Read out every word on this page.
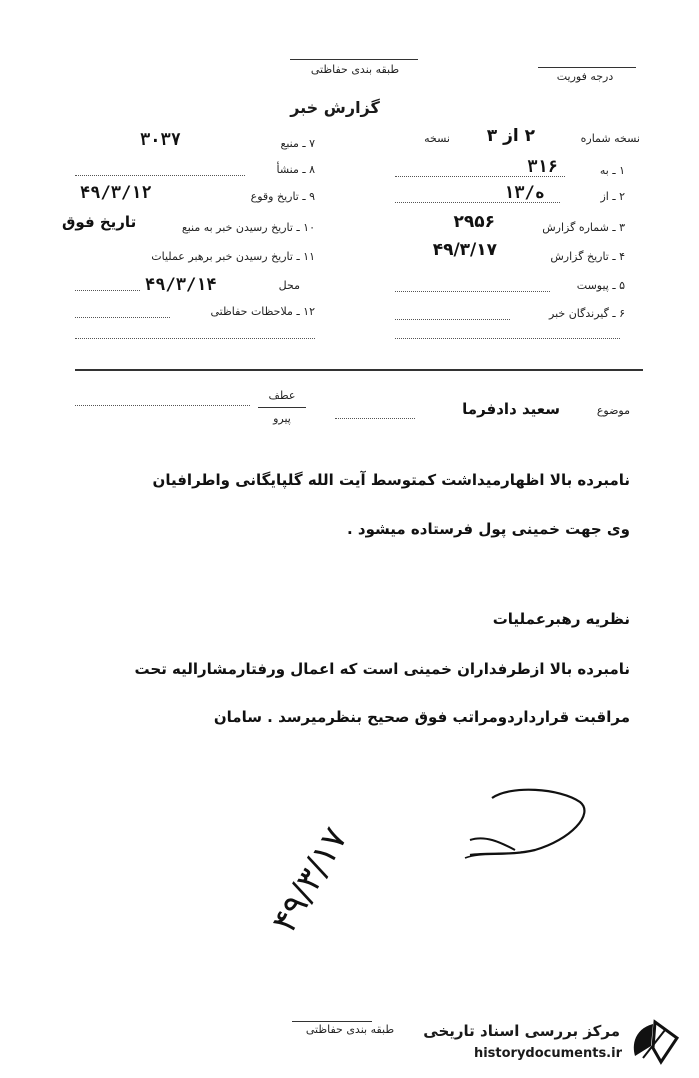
طبقه بندی حفاظتی
درجه فوریت
گزارش خبر
نسخه شماره
۲ از ۳
نسخه
۱ ـ به
۳۱۶
۲ ـ از
۱۳/ه
۳ ـ شماره گزارش
۲۹۵۶
۴ ـ تاریخ گزارش
۴۹/۳/۱۷
۵ ـ پیوست
۶ ـ گیرندگان خبر
۷ ـ منبع
۳۰۳۷
۸ ـ منشأ
۹ ـ تاریخ وقوع
۴۹/۳/۱۲
۱۰ ـ تاریخ رسیدن خبر به منبع
تاریخ فوق
۱۱ ـ تاریخ رسیدن خبر برهبر عملیات
محل
۴۹/۳/۱۴
۱۲ ـ ملاحظات حفاظتی
عطف
پیرو
موضوع
سعید دادفرما
نامبرده بالا اظهارمیداشت کمتوسط آیت الله گلپایگانی واطرافیان
وی جهت خمینی پول فرستاده میشود .
نظریه رهبرعملیات
نامبرده بالا ازطرفداران خمینی است که اعمال ورفتارمشارالیه تحت
مراقبت قرارداردومراتب فوق صحیح بنظرمیرسد . سامان
۴۹/۳/۱۷
طبقه بندی حفاظتی	مرکز بررسی اسناد تاریخی
historydocuments.ir
